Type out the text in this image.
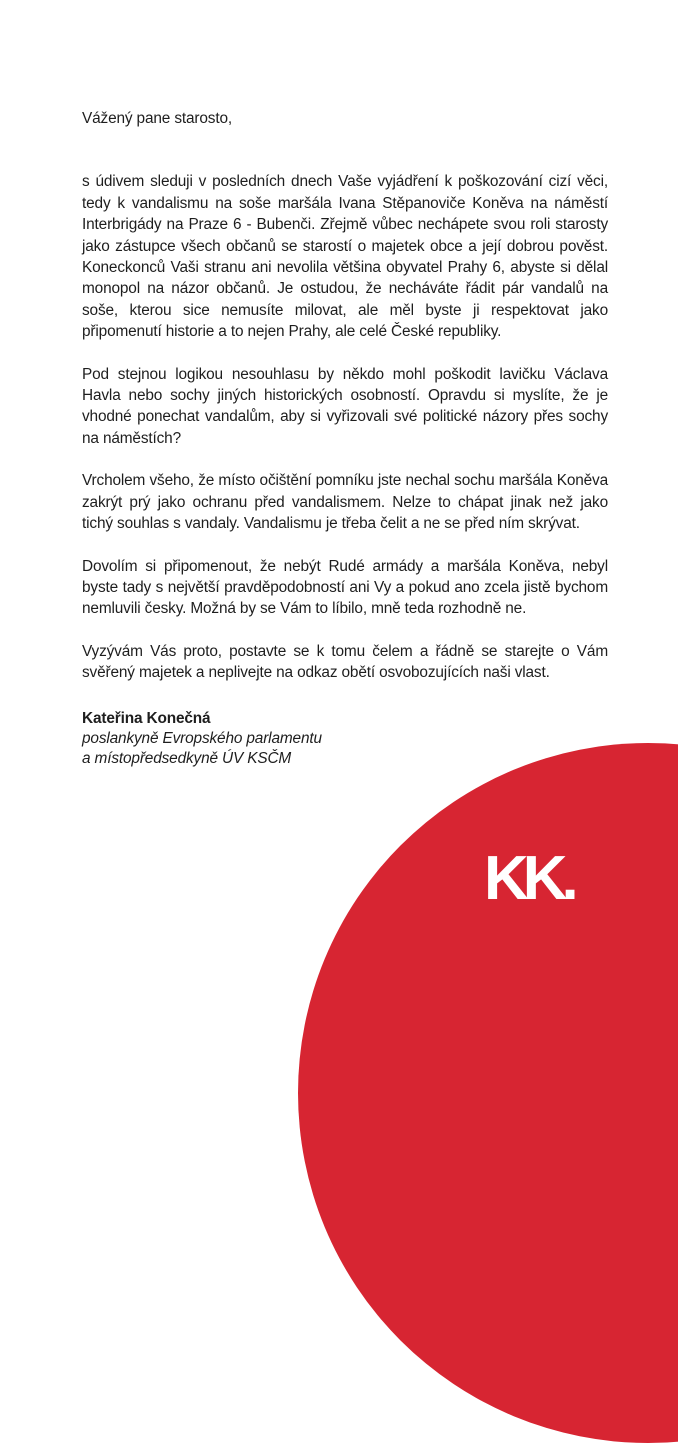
KK.

Vážený pane starosto,

s údivem sleduji v posledních dnech Vaše vyjádření k poškozování cizí věci, tedy k vandalismu na soše maršála Ivana Stěpanoviče Koněva na náměstí Interbrigády na Praze 6 - Bubenči. Zřejmě vůbec nechápete svou roli starosty jako zástupce všech občanů se starostí o majetek obce a její dobrou pověst. Koneckonců Vaši stranu ani nevolila většina obyvatel Prahy 6, abyste si dělal monopol na názor občanů. Je ostudou, že necháváte řádit pár vandalů na soše, kterou sice nemusíte milovat, ale měl byste ji respektovat jako připomenutí historie a to nejen Prahy, ale celé České republiky.

Pod stejnou logikou nesouhlasu by někdo mohl poškodit lavičku Václava Havla nebo sochy jiných historických osobností. Opravdu si myslíte, že je vhodné ponechat vandalům, aby si vyřizovali své politické názory přes sochy na náměstích?

Vrcholem všeho, že místo očištění pomníku jste nechal sochu maršála Koněva zakrýt prý jako ochranu před vandalismem. Nelze to chápat jinak než jako tichý souhlas s vandaly. Vandalismu je třeba čelit a ne se před ním skrývat.

Dovolím si připomenout, že nebýt Rudé armády a maršála Koněva, nebyl byste tady s největší pravděpodobností ani Vy a pokud ano zcela jistě bychom nemluvili česky. Možná by se Vám to líbilo, mně teda rozhodně ne.

Vyzývám Vás proto, postavte se k tomu čelem a řádně se starejte o Vám svěřený majetek a neplivejte na odkaz obětí osvobozujících naši vlast.

Kateřina Konečná
poslankyně Evropského parlamentu
a místopředsedkyně ÚV KSČM
